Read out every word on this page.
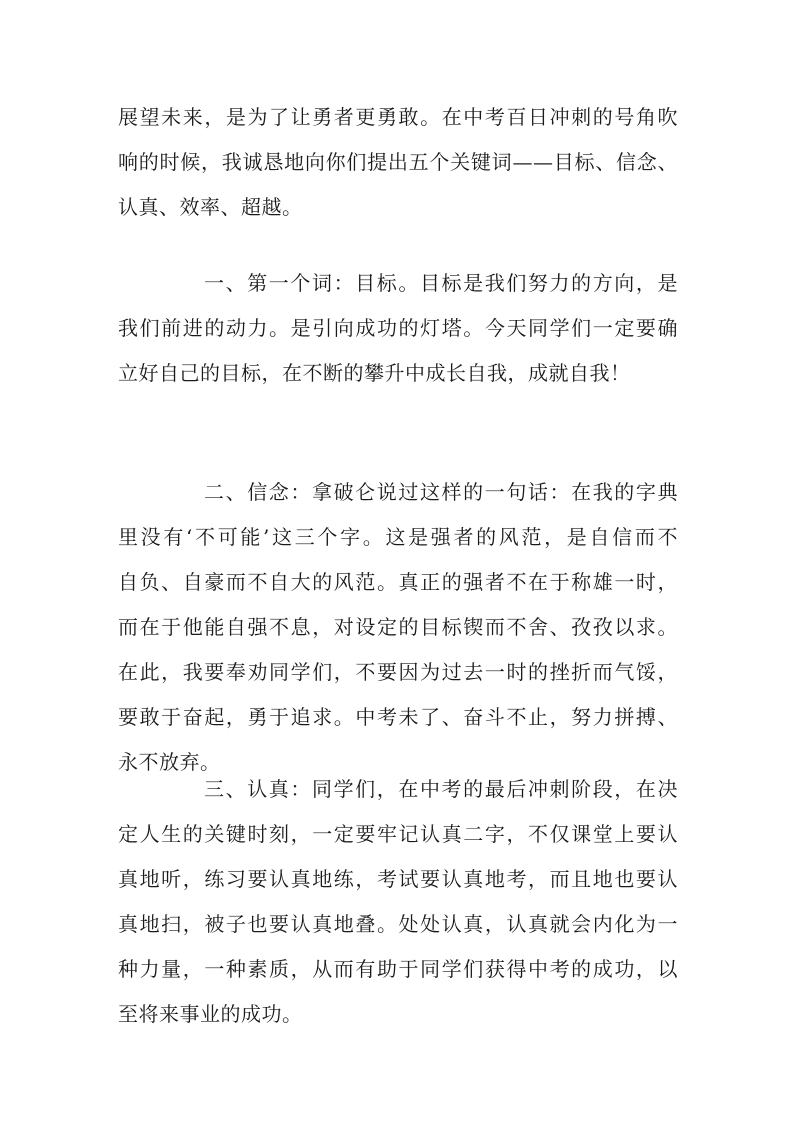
展望未来，是为了让勇者更勇敢。在中考百日冲刺的号角吹
响的时候，我诚恳地向你们提出五个关键词——目标、信念、
认真、效率、超越。

一、第一个词：目标。目标是我们努力的方向，是
我们前进的动力。是引向成功的灯塔。今天同学们一定要确
立好自己的目标，在不断的攀升中成长自我，成就自我！

二、信念：拿破仑说过这样的一句话：在我的字典
里没有‘不可能’这三个字。这是强者的风范，是自信而不
自负、自豪而不自大的风范。真正的强者不在于称雄一时，
而在于他能自强不息，对设定的目标锲而不舍、孜孜以求。
在此，我要奉劝同学们，不要因为过去一时的挫折而气馁，
要敢于奋起，勇于追求。中考未了、奋斗不止，努力拼搏、
永不放弃。

三、认真：同学们，在中考的最后冲刺阶段，在决
定人生的关键时刻，一定要牢记认真二字，不仅课堂上要认
真地听，练习要认真地练，考试要认真地考，而且地也要认
真地扫，被子也要认真地叠。处处认真，认真就会内化为一
种力量，一种素质，从而有助于同学们获得中考的成功，以
至将来事业的成功。
